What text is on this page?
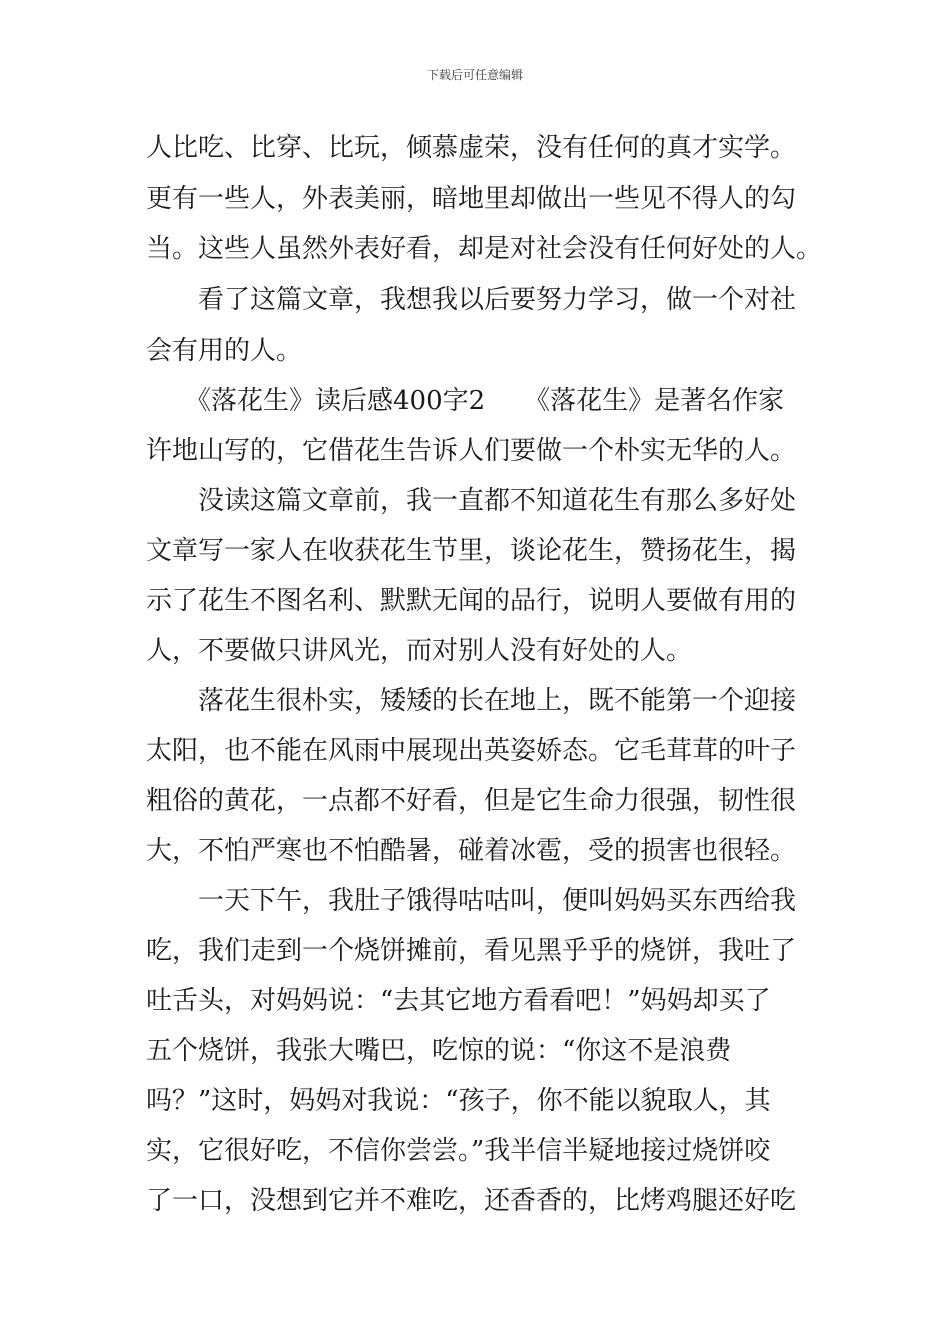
下载后可任意编辑
人比吃、比穿、比玩，倾慕虚荣，没有任何的真才实学。
更有一些人，外表美丽，暗地里却做出一些见不得人的勾
当。这些人虽然外表好看，却是对社会没有任何好处的人。
　　看了这篇文章，我想我以后要努力学习，做一个对社
会有用的人。
　　《落花生》读后感400字2　　《落花生》是著名作家
许地山写的，它借花生告诉人们要做一个朴实无华的人。
　　没读这篇文章前，我一直都不知道花生有那么多好处
文章写一家人在收获花生节里，谈论花生，赞扬花生，揭
示了花生不图名利、默默无闻的品行，说明人要做有用的
人，不要做只讲风光，而对别人没有好处的人。
　　落花生很朴实，矮矮的长在地上，既不能第一个迎接
太阳，也不能在风雨中展现出英姿娇态。它毛茸茸的叶子
粗俗的黄花，一点都不好看，但是它生命力很强，韧性很
大，不怕严寒也不怕酷暑，碰着冰雹，受的损害也很轻。
　　一天下午，我肚子饿得咕咕叫，便叫妈妈买东西给我
吃，我们走到一个烧饼摊前，看见黑乎乎的烧饼，我吐了
吐舌头，对妈妈说：“去其它地方看看吧！”妈妈却买了
五个烧饼，我张大嘴巴，吃惊的说：“你这不是浪费
吗？”这时，妈妈对我说：“孩子，你不能以貌取人，其
实，它很好吃，不信你尝尝。”我半信半疑地接过烧饼咬
了一口，没想到它并不难吃，还香香的，比烤鸡腿还好吃
